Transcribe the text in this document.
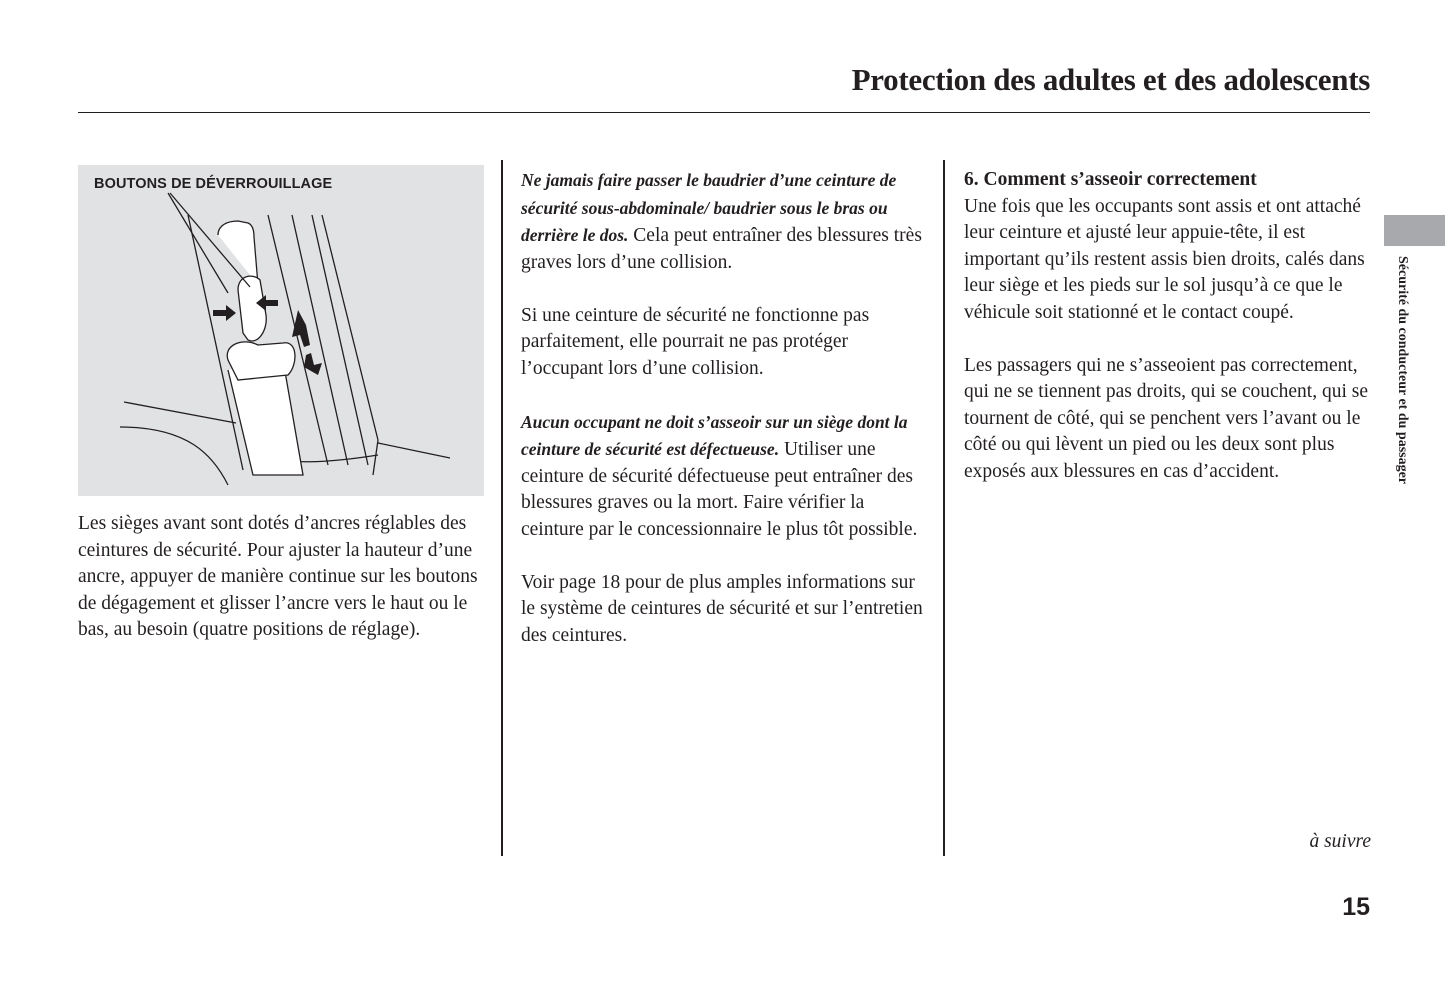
Protection des adultes et des adolescents
BOUTONS DE DÉVERROUILLAGE

Les sièges avant sont dotés d’ancres réglables des ceintures de sécurité. Pour ajuster la hauteur d’une ancre, appuyer de manière continue sur les boutons de dégagement et glisser l’ancre vers le haut ou le bas, au besoin (quatre positions de réglage).

Ne jamais faire passer le baudrier d’une ceinture de sécurité sous-abdominale/ baudrier sous le bras ou derrière le dos. Cela peut entraîner des blessures très graves lors d’une collision.

Si une ceinture de sécurité ne fonctionne pas parfaitement, elle pourrait ne pas protéger l’occupant lors d’une collision.

Aucun occupant ne doit s’asseoir sur un siège dont la ceinture de sécurité est défectueuse. Utiliser une ceinture de sécurité défectueuse peut entraîner des blessures graves ou la mort. Faire vérifier la ceinture par le concessionnaire le plus tôt possible.

Voir page 18 pour de plus amples informations sur le système de ceintures de sécurité et sur l’entretien des ceintures.

6. Comment s’asseoir correctement
Une fois que les occupants sont assis et ont attaché leur ceinture et ajusté leur appuie-tête, il est important qu’ils restent assis bien droits, calés dans leur siège et les pieds sur le sol jusqu’à ce que le véhicule soit stationné et le contact coupé.

Les passagers qui ne s’asseoient pas correctement, qui ne se tiennent pas droits, qui se couchent, qui se tournent de côté, qui se penchent vers l’avant ou le côté ou qui lèvent un pied ou les deux sont plus exposés aux blessures en cas d’accident.	Sécurité du conducteur et du passager
à suivre
15
